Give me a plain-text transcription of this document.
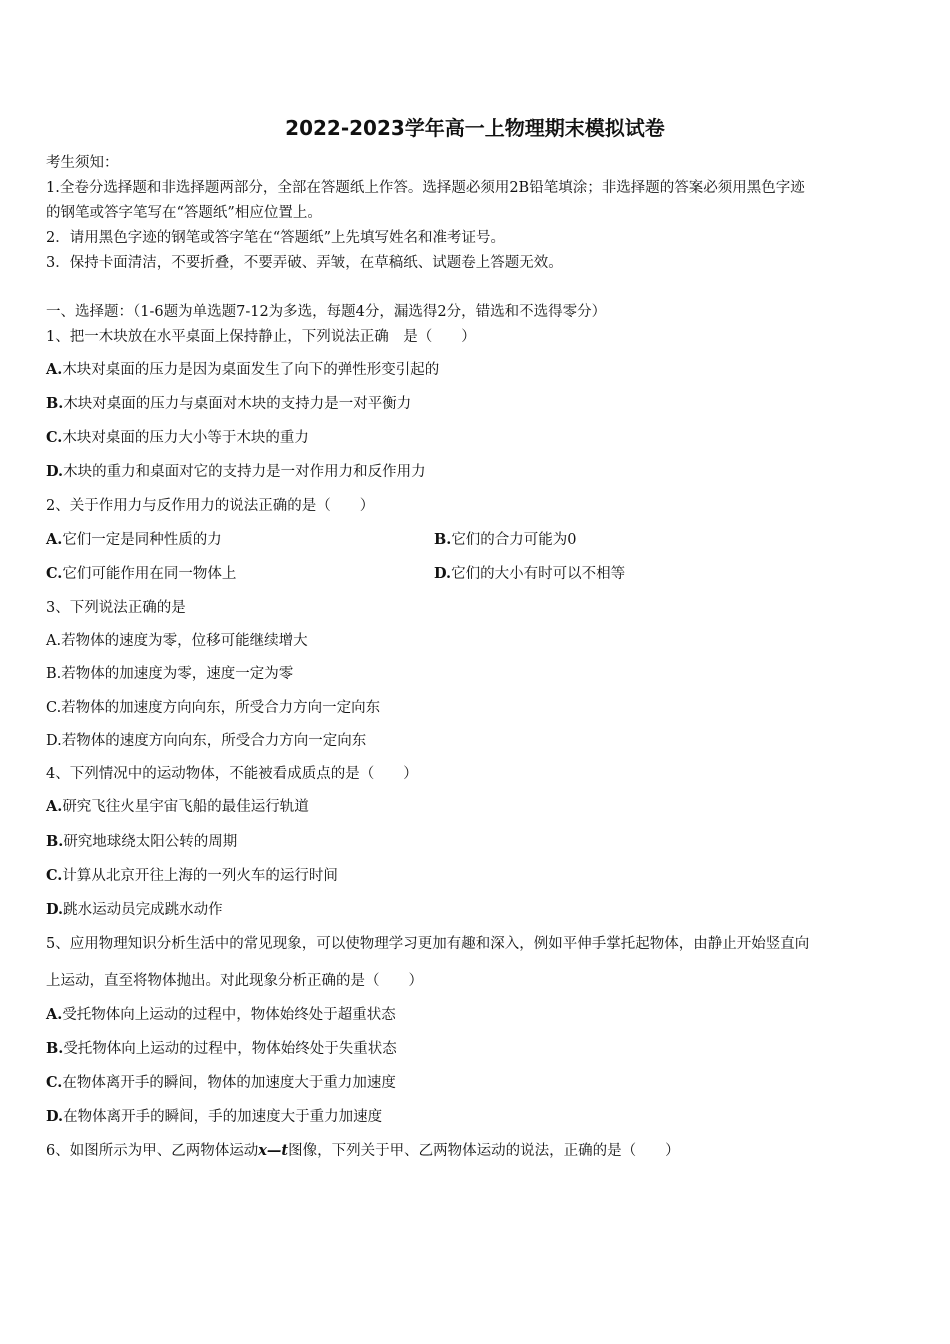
2022-2023学年高一上物理期末模拟试卷
考生须知：
1.全卷分选择题和非选择题两部分，全部在答题纸上作答。选择题必须用2B铅笔填涂；非选择题的答案必须用黑色字迹
的钢笔或答字笔写在“答题纸”相应位置上。
2．请用黑色字迹的钢笔或答字笔在“答题纸”上先填写姓名和准考证号。
3．保持卡面清洁，不要折叠，不要弄破、弄皱，在草稿纸、试题卷上答题无效。
一、选择题：（1-6题为单选题7-12为多选，每题4分，漏选得2分，错选和不选得零分）
1、把一木块放在水平桌面上保持静止，下列说法正确　是（　　）
A.木块对桌面的压力是因为桌面发生了向下的弹性形变引起的
B.木块对桌面的压力与桌面对木块的支持力是一对平衡力
C.木块对桌面的压力大小等于木块的重力
D.木块的重力和桌面对它的支持力是一对作用力和反作用力
2、关于作用力与反作用力的说法正确的是（　　）
A.它们一定是同种性质的力	B.它们的合力可能为0
C.它们可能作用在同一物体上	D.它们的大小有时可以不相等
3、下列说法正确的是
A.若物体的速度为零，位移可能继续增大
B.若物体的加速度为零，速度一定为零
C.若物体的加速度方向向东，所受合力方向一定向东
D.若物体的速度方向向东，所受合力方向一定向东
4、下列情况中的运动物体，不能被看成质点的是（　　）
A.研究飞往火星宇宙飞船的最佳运行轨道
B.研究地球绕太阳公转的周期
C.计算从北京开往上海的一列火车的运行时间
D.跳水运动员完成跳水动作
5、应用物理知识分析生活中的常见现象，可以使物理学习更加有趣和深入，例如平伸手掌托起物体，由静止开始竖直向
上运动，直至将物体抛出。对此现象分析正确的是（　　）
A.受托物体向上运动的过程中，物体始终处于超重状态
B.受托物体向上运动的过程中，物体始终处于失重状态
C.在物体离开手的瞬间，物体的加速度大于重力加速度
D.在物体离开手的瞬间，手的加速度大于重力加速度
6、如图所示为甲、乙两物体运动x—t图像，下列关于甲、乙两物体运动的说法，正确的是（　　）
